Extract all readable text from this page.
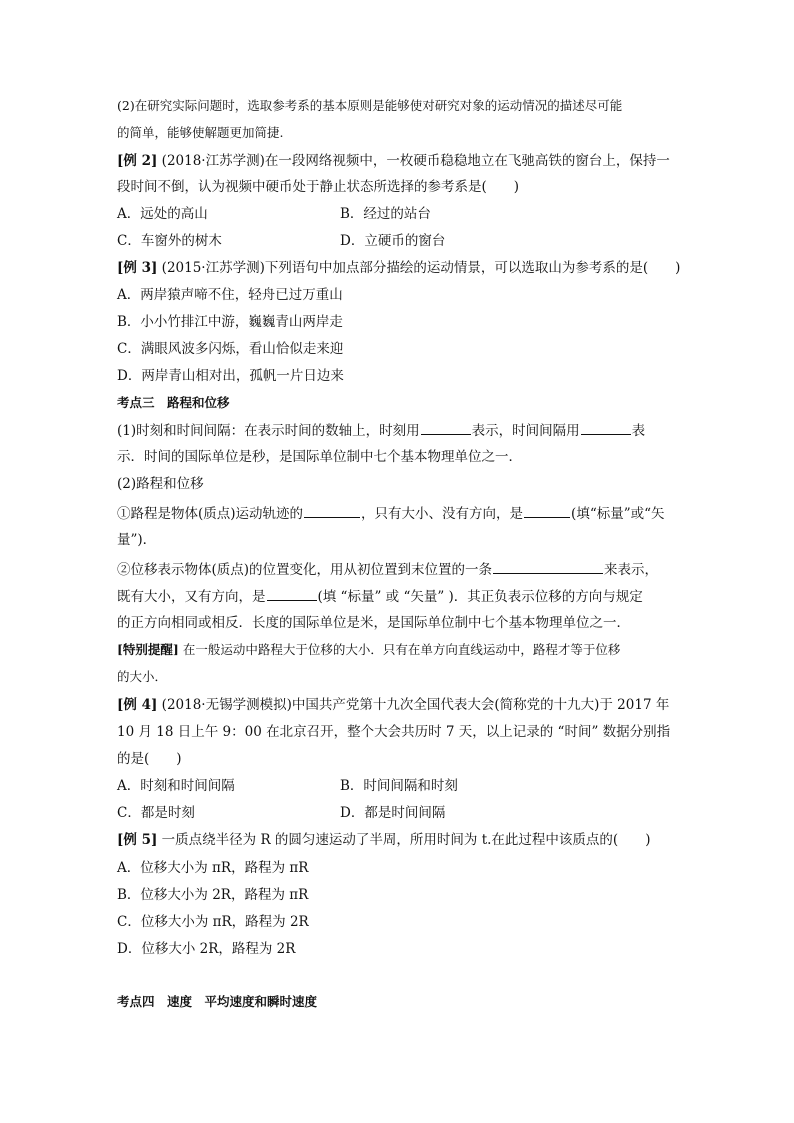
(2)在研究实际问题时，选取参考系的基本原则是能够使对研究对象的运动情况的描述尽可能
的简单，能够使解题更加简捷.
[例 2] (2018·江苏学测)在一段网络视频中，一枚硬币稳稳地立在飞驰高铁的窗台上，保持一
段时间不倒，认为视频中硬币处于静止状态所选择的参考系是(　　)
A．远处的高山	B．经过的站台
C．车窗外的树木	D．立硬币的窗台
[例 3] (2015·江苏学测)下列语句中加点部分描绘的运动情景，可以选取山为参考系的是(　　)
A．两岸猿声啼不住，轻舟已过万重山
B．小小竹排江中游，巍巍青山两岸走
C．满眼风波多闪烁，看山恰似走来迎
D．两岸青山相对出，孤帆一片日边来
考点三　路程和位移
(1)时刻和时间间隔：在表示时间的数轴上，时刻用	表示，时间间隔用	表
示．时间的国际单位是秒，是国际单位制中七个基本物理单位之一．
(2)路程和位移
①路程是物体(质点)运动轨迹的	，只有大小、没有方向，是	(填“标量”或“矢
量”)．
②位移表示物体(质点)的位置变化，用从初位置到末位置的一条	来表示，
既有大小，又有方向，是	(填 “标量” 或 “矢量” )．其正负表示位移的方向与规定
的正方向相同或相反．长度的国际单位是米，是国际单位制中七个基本物理单位之一．
[特别提醒] 在一般运动中路程大于位移的大小．只有在单方向直线运动中，路程才等于位移
的大小．
[例 4] (2018·无锡学测模拟)中国共产党第十九次全国代表大会(简称党的十九大)于 2017 年
10 月 18 日上午 9：00 在北京召开，整个大会共历时 7 天，以上记录的 “时间” 数据分别指
的是(　　)
A．时刻和时间间隔	B．时间间隔和时刻
C．都是时刻	D．都是时间间隔
[例 5] 一质点绕半径为 R 的圆匀速运动了半周，所用时间为 t.在此过程中该质点的(　　)
A．位移大小为 πR，路程为 πR
B．位移大小为 2R，路程为 πR
C．位移大小为 πR，路程为 2R
D．位移大小 2R，路程为 2R
考点四　速度　平均速度和瞬时速度
